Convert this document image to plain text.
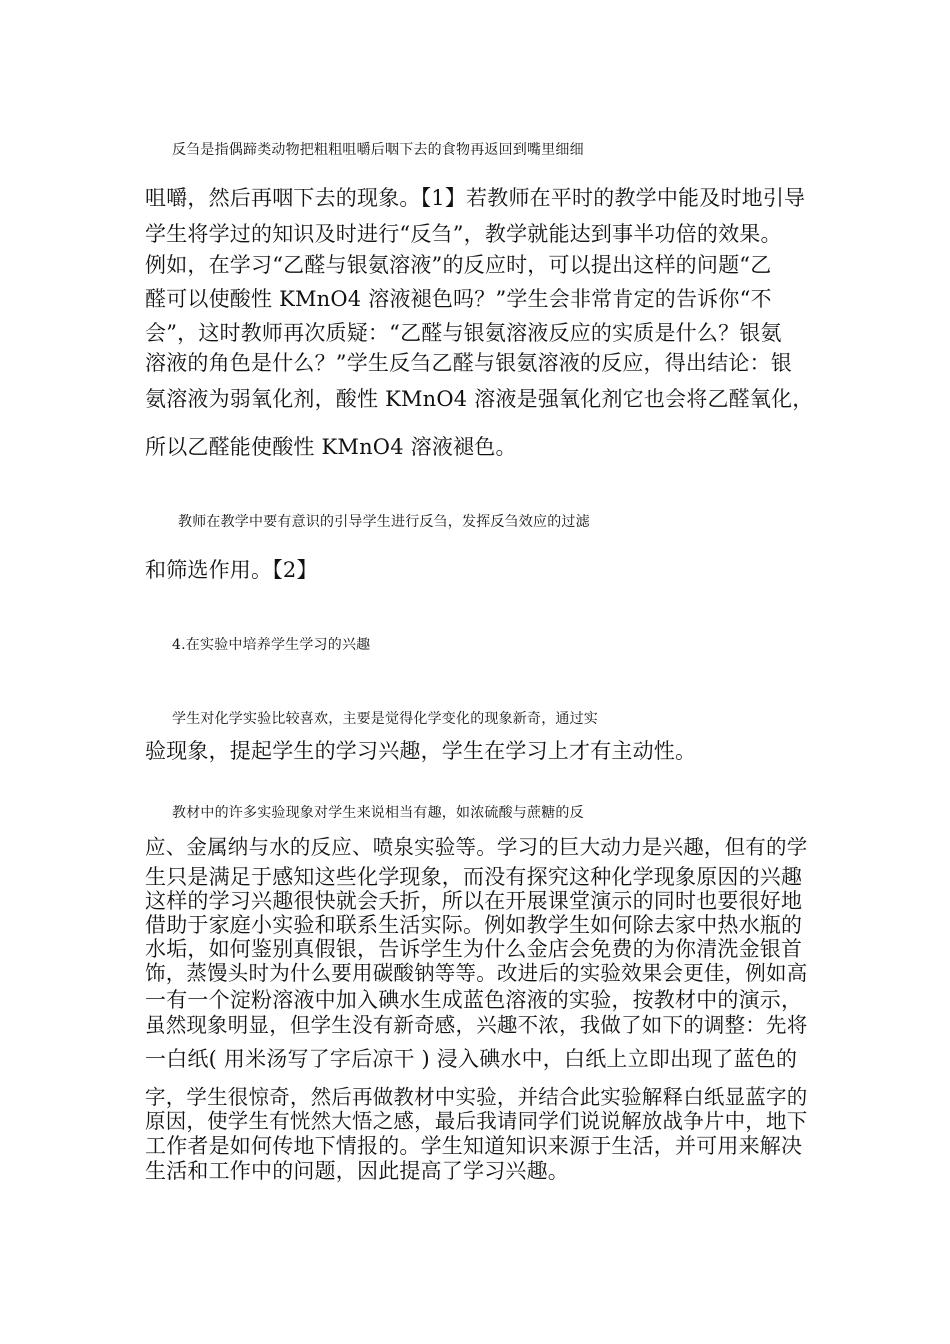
反刍是指偶蹄类动物把粗粗咀嚼后咽下去的食物再返回到嘴里细细
咀嚼，然后再咽下去的现象。【1】若教师在平时的教学中能及时地引导
学生将学过的知识及时进行“反刍”，教学就能达到事半功倍的效果。
例如，在学习“乙醛与银氨溶液”的反应时，可以提出这样的问题“乙
醛可以使酸性 KMnO4 溶液褪色吗？”学生会非常肯定的告诉你“不
会”，这时教师再次质疑：“乙醛与银氨溶液反应的实质是什么？银氨
溶液的角色是什么？”学生反刍乙醛与银氨溶液的反应，得出结论：银
氨溶液为弱氧化剂，酸性 KMnO4 溶液是强氧化剂它也会将乙醛氧化，
所以乙醛能使酸性 KMnO4 溶液褪色。
教师在教学中要有意识的引导学生进行反刍，发挥反刍效应的过滤
和筛选作用。【2】
4.在实验中培养学生学习的兴趣
学生对化学实验比较喜欢，主要是觉得化学变化的现象新奇，通过实
验现象，提起学生的学习兴趣，学生在学习上才有主动性。
教材中的许多实验现象对学生来说相当有趣，如浓硫酸与蔗糖的反
应、金属纳与水的反应、喷泉实验等。学习的巨大动力是兴趣，但有的学
生只是满足于感知这些化学现象，而没有探究这种化学现象原因的兴趣
这样的学习兴趣很快就会夭折，所以在开展课堂演示的同时也要很好地
借助于家庭小实验和联系生活实际。例如教学生如何除去家中热水瓶的
水垢，如何鉴别真假银，告诉学生为什么金店会免费的为你清洗金银首
饰，蒸馒头时为什么要用碳酸钠等等。改进后的实验效果会更佳，例如高
一有一个淀粉溶液中加入碘水生成蓝色溶液的实验，按教材中的演示，
虽然现象明显，但学生没有新奇感，兴趣不浓，我做了如下的调整：先将
一白纸( 用米汤写了字后凉干 ) 浸入碘水中，白纸上立即出现了蓝色的
字，学生很惊奇，然后再做教材中实验，并结合此实验解释白纸显蓝字的
原因，使学生有恍然大悟之感，最后我请同学们说说解放战争片中，地下
工作者是如何传地下情报的。学生知道知识来源于生活，并可用来解决
生活和工作中的问题，因此提高了学习兴趣。
